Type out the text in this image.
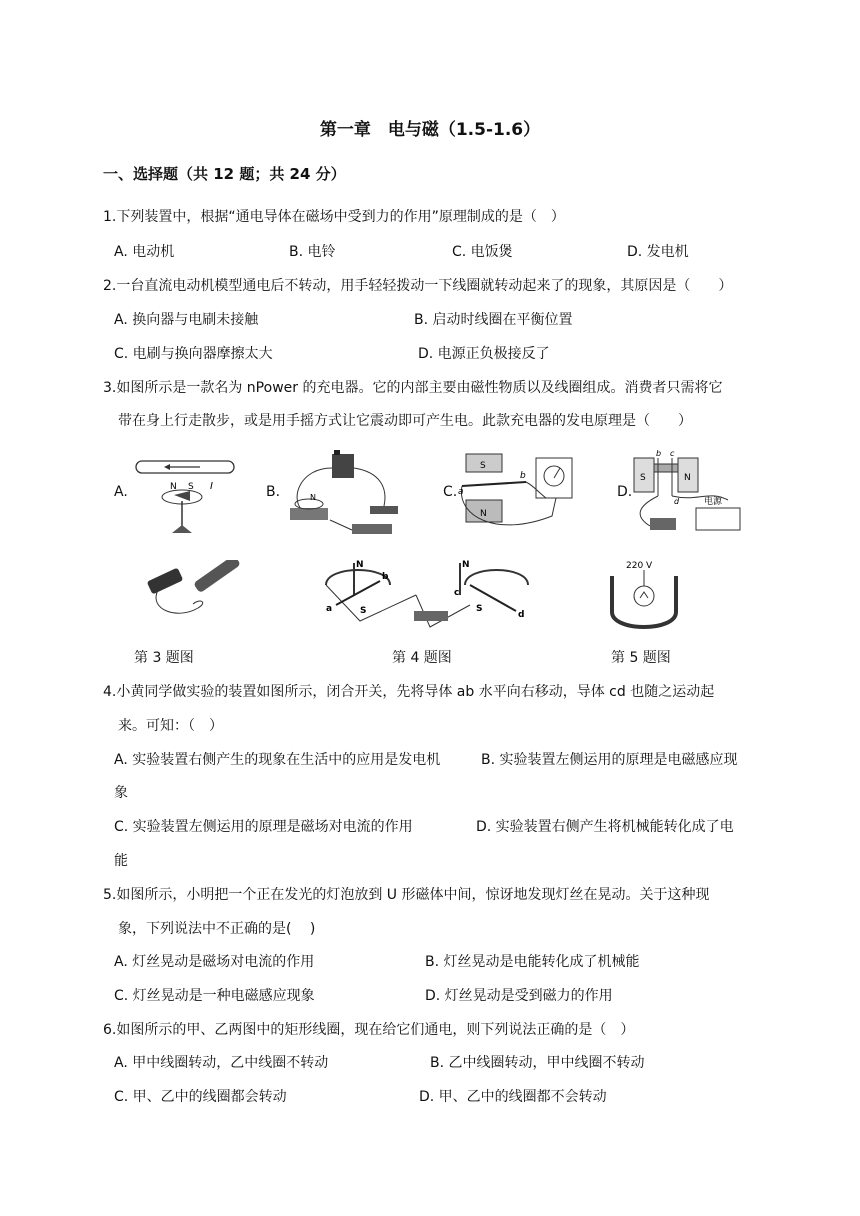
第一章　电与磁（1.5-1.6）
一、选择题（共 12 题；共 24 分）
1.下列装置中，根据“通电导体在磁场中受到力的作用”原理制成的是（　）
A. 电动机	B. 电铃	C. 电饭煲	D. 发电机
2.一台直流电动机模型通电后不转动，用手轻轻拨动一下线圈就转动起来了的现象，其原因是（　　）
A. 换向器与电刷未接触	B. 启动时线圈在平衡位置
C. 电刷与换向器摩擦太大	D. 电源正负极接反了
3.如图所示是一款名为 nPower 的充电器。它的内部主要由磁性物质以及线圈组成。消费者只需将它
带在身上行走散步，或是用手摇方式让它震动即可产生电。此款充电器的发电原理是（　　）
A.	B.	C.	D.
N S I
N
S
N
a
b	S	N
b c
d	电源
N
S
a
b
N
S
c
d
220 V
第 3 题图	第 4 题图	第 5 题图
4.小黄同学做实验的装置如图所示，闭合开关，先将导体 ab 水平向右移动，导体 cd 也随之运动起
来。可知：（　）
A. 实验装置右侧产生的现象在生活中的应用是发电机	B. 实验装置左侧运用的原理是电磁感应现
象
C. 实验装置左侧运用的原理是磁场对电流的作用	D. 实验装置右侧产生将机械能转化成了电
能
5.如图所示，小明把一个正在发光的灯泡放到 U 形磁体中间，惊讶地发现灯丝在晃动。关于这种现
象，下列说法中不正确的是(　 )
A. 灯丝晃动是磁场对电流的作用	B. 灯丝晃动是电能转化成了机械能
C. 灯丝晃动是一种电磁感应现象	D. 灯丝晃动是受到磁力的作用
6.如图所示的甲、乙两图中的矩形线圈，现在给它们通电，则下列说法正确的是（　）
A. 甲中线圈转动，乙中线圈不转动	B. 乙中线圈转动，甲中线圈不转动
C. 甲、乙中的线圈都会转动	D. 甲、乙中的线圈都不会转动
